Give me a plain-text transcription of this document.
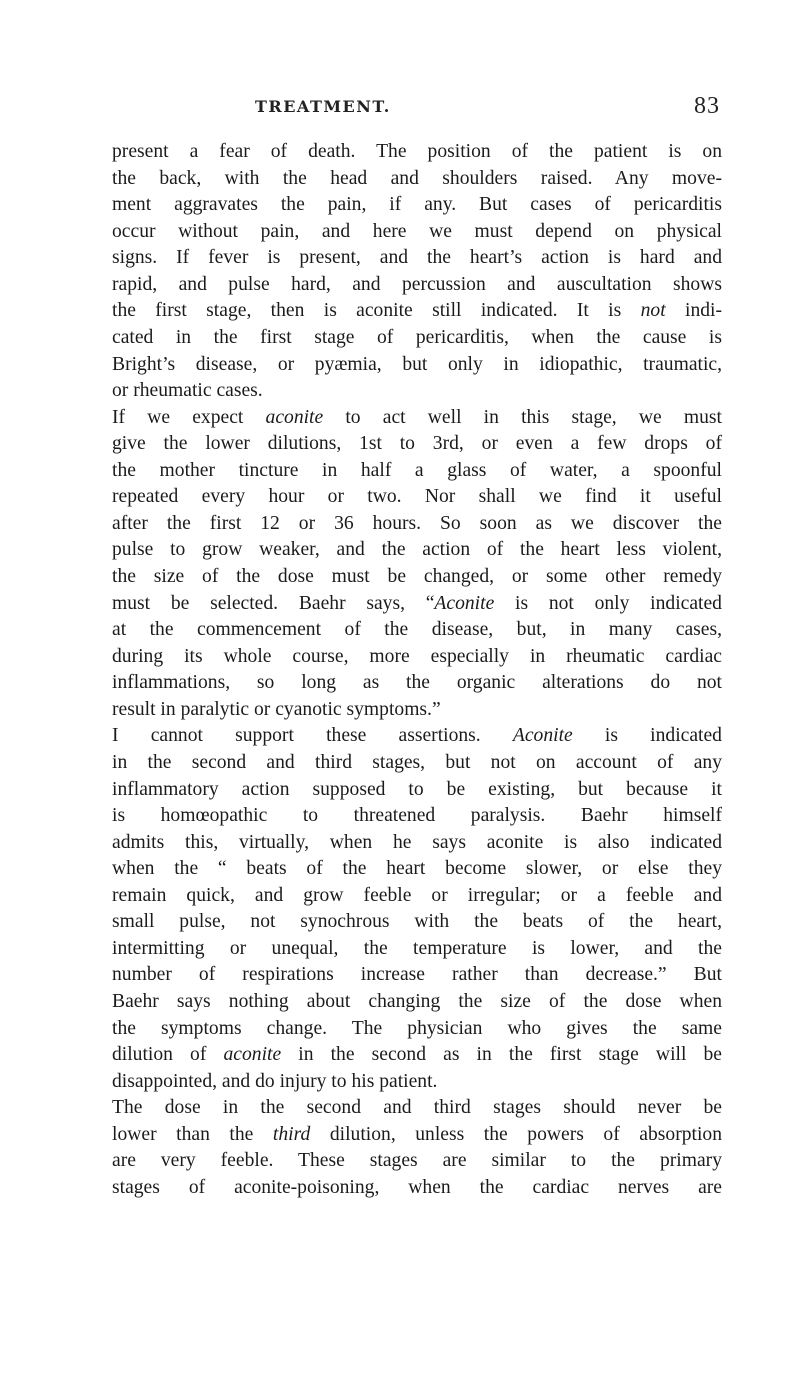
TREATMENT.	83
present a fear of death. The position of the patient is on
the back, with the head and shoulders raised. Any move-
ment aggravates the pain, if any. But cases of pericarditis
occur without pain, and here we must depend on physical
signs. If fever is present, and the heart’s action is hard and
rapid, and pulse hard, and percussion and auscultation shows
the first stage, then is aconite still indicated. It is not indi-
cated in the first stage of pericarditis, when the cause is
Bright’s disease, or pyæmia, but only in idiopathic, traumatic,
or rheumatic cases.
If we expect aconite to act well in this stage, we must
give the lower dilutions, 1st to 3rd, or even a few drops of
the mother tincture in half a glass of water, a spoonful
repeated every hour or two. Nor shall we find it useful
after the first 12 or 36 hours. So soon as we discover the
pulse to grow weaker, and the action of the heart less violent,
the size of the dose must be changed, or some other remedy
must be selected. Baehr says, “Aconite is not only indicated
at the commencement of the disease, but, in many cases,
during its whole course, more especially in rheumatic cardiac
inflammations, so long as the organic alterations do not
result in paralytic or cyanotic symptoms.”
I cannot support these assertions. Aconite is indicated
in the second and third stages, but not on account of any
inflammatory action supposed to be existing, but because it
is homœopathic to threatened paralysis. Baehr himself
admits this, virtually, when he says aconite is also indicated
when the “ beats of the heart become slower, or else they
remain quick, and grow feeble or irregular; or a feeble and
small pulse, not synochrous with the beats of the heart,
intermitting or unequal, the temperature is lower, and the
number of respirations increase rather than decrease.” But
Baehr says nothing about changing the size of the dose when
the symptoms change. The physician who gives the same
dilution of aconite in the second as in the first stage will be
disappointed, and do injury to his patient.
The dose in the second and third stages should never be
lower than the third dilution, unless the powers of absorption
are very feeble. These stages are similar to the primary
stages of aconite-poisoning, when the cardiac nerves are
